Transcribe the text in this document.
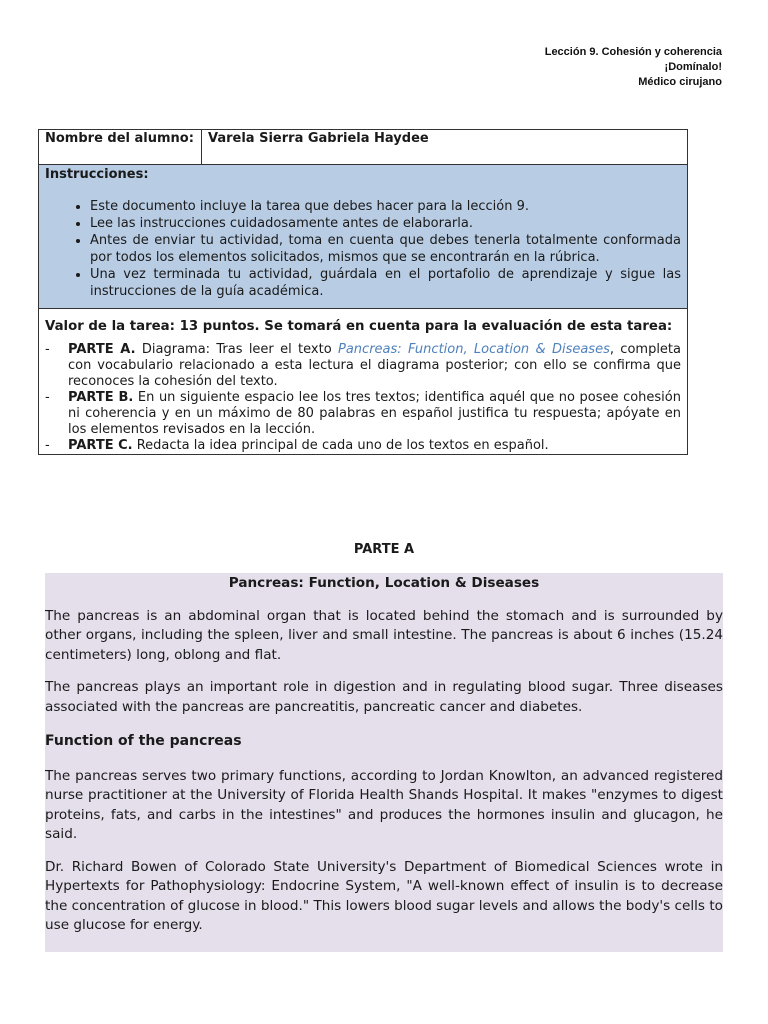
Lección 9. Cohesión y coherencia
¡Domínalo!
Médico cirujano
Nombre del alumno:	Varela Sierra Gabriela Haydee

Instrucciones:
• Este documento incluye la tarea que debes hacer para la lección 9.
• Lee las instrucciones cuidadosamente antes de elaborarla.
• Antes de enviar tu actividad, toma en cuenta que debes tenerla totalmente conformada por todos los elementos solicitados, mismos que se encontrarán en la rúbrica.
• Una vez terminada tu actividad, guárdala en el portafolio de aprendizaje y sigue las instrucciones de la guía académica.

Valor de la tarea: 13 puntos. Se tomará en cuenta para la evaluación de esta tarea:
- PARTE A. Diagrama: Tras leer el texto Pancreas: Function, Location & Diseases, completa con vocabulario relacionado a esta lectura el diagrama posterior; con ello se confirma que reconoces la cohesión del texto.
- PARTE B. En un siguiente espacio lee los tres textos; identifica aquél que no posee cohesión ni coherencia y en un máximo de 80 palabras en español justifica tu respuesta; apóyate en los elementos revisados en la lección.
- PARTE C. Redacta la idea principal de cada uno de los textos en español.
PARTE A
Pancreas: Function, Location & Diseases

The pancreas is an abdominal organ that is located behind the stomach and is surrounded by other organs, including the spleen, liver and small intestine. The pancreas is about 6 inches (15.24 centimeters) long, oblong and flat.

The pancreas plays an important role in digestion and in regulating blood sugar. Three diseases associated with the pancreas are pancreatitis, pancreatic cancer and diabetes.

Function of the pancreas

The pancreas serves two primary functions, according to Jordan Knowlton, an advanced registered nurse practitioner at the University of Florida Health Shands Hospital. It makes "enzymes to digest proteins, fats, and carbs in the intestines" and produces the hormones insulin and glucagon, he said.

Dr. Richard Bowen of Colorado State University's Department of Biomedical Sciences wrote in Hypertexts for Pathophysiology: Endocrine System, "A well-known effect of insulin is to decrease the concentration of glucose in blood." This lowers blood sugar levels and allows the body's cells to use glucose for energy.
